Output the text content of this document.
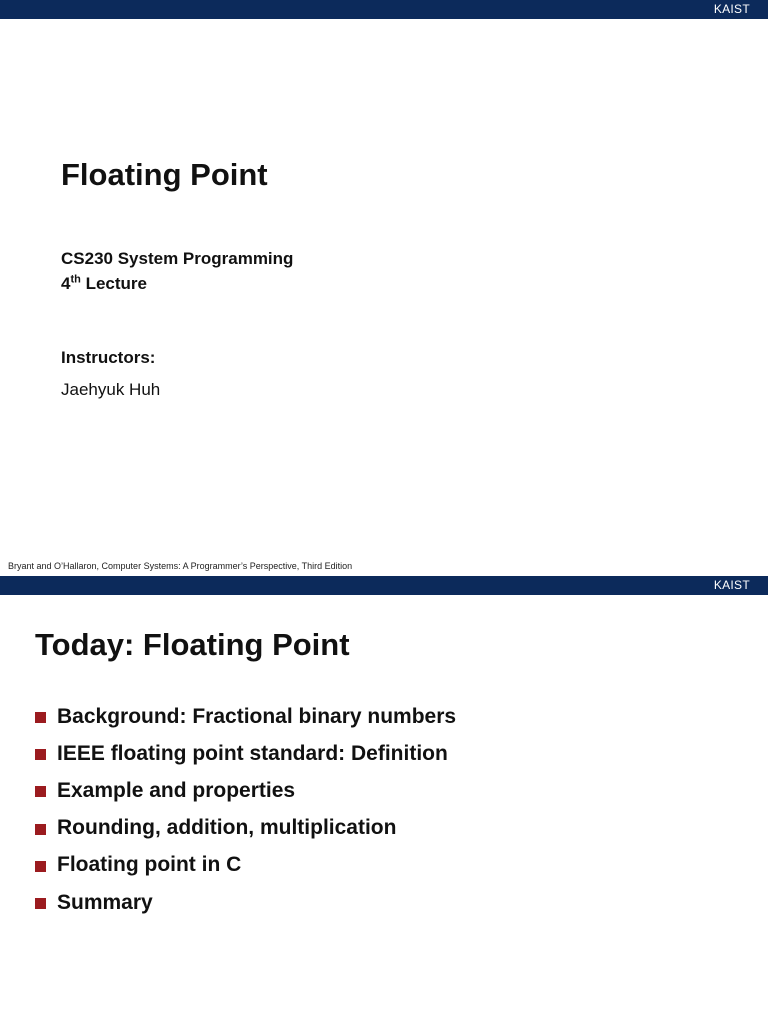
KAIST
Floating Point
CS230 System Programming
4th Lecture
Instructors:
Jaehyuk Huh
Bryant and O’Hallaron, Computer Systems: A Programmer’s Perspective, Third Edition
KAIST
Today: Floating Point
Background: Fractional binary numbers
IEEE floating point standard: Definition
Example and properties
Rounding, addition, multiplication
Floating point in C
Summary
